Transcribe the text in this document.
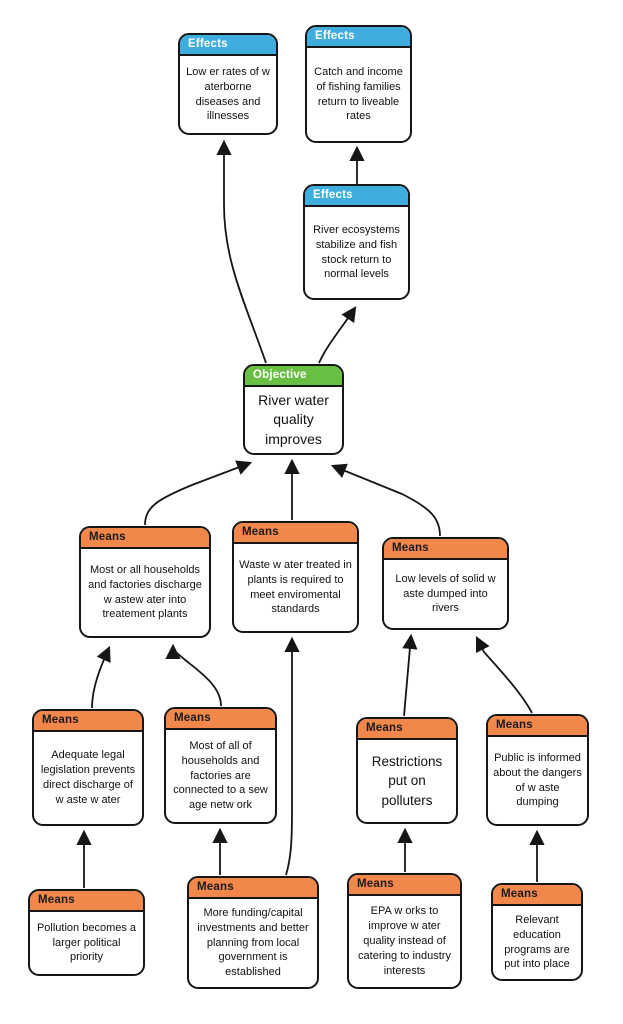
Effects
Low er rates of w aterborne diseases and illnesses
Effects
Catch and income of fishing families return to liveable rates
Effects
River ecosystems stabilize and fish stock return to normal levels
Objective
River water quality improves
Means
Most or all households and factories discharge w astew ater into treatement plants
Means
Waste w ater treated in plants is required to meet enviromental standards
Means
Low levels of solid w aste dumped into rivers
Means
Adequate legal legislation prevents direct discharge of w aste w ater
Means
Most of all of households and factories are connected to a sew age netw ork
Means
Restrictions put on polluters
Means
Public is informed about the dangers of w aste dumping
Means
Pollution becomes a larger political priority
Means
More funding/capital investments and better planning from local government is established
Means
EPA w orks to improve w ater quality instead of catering to industry interests
Means
Relevant education programs are put into place
